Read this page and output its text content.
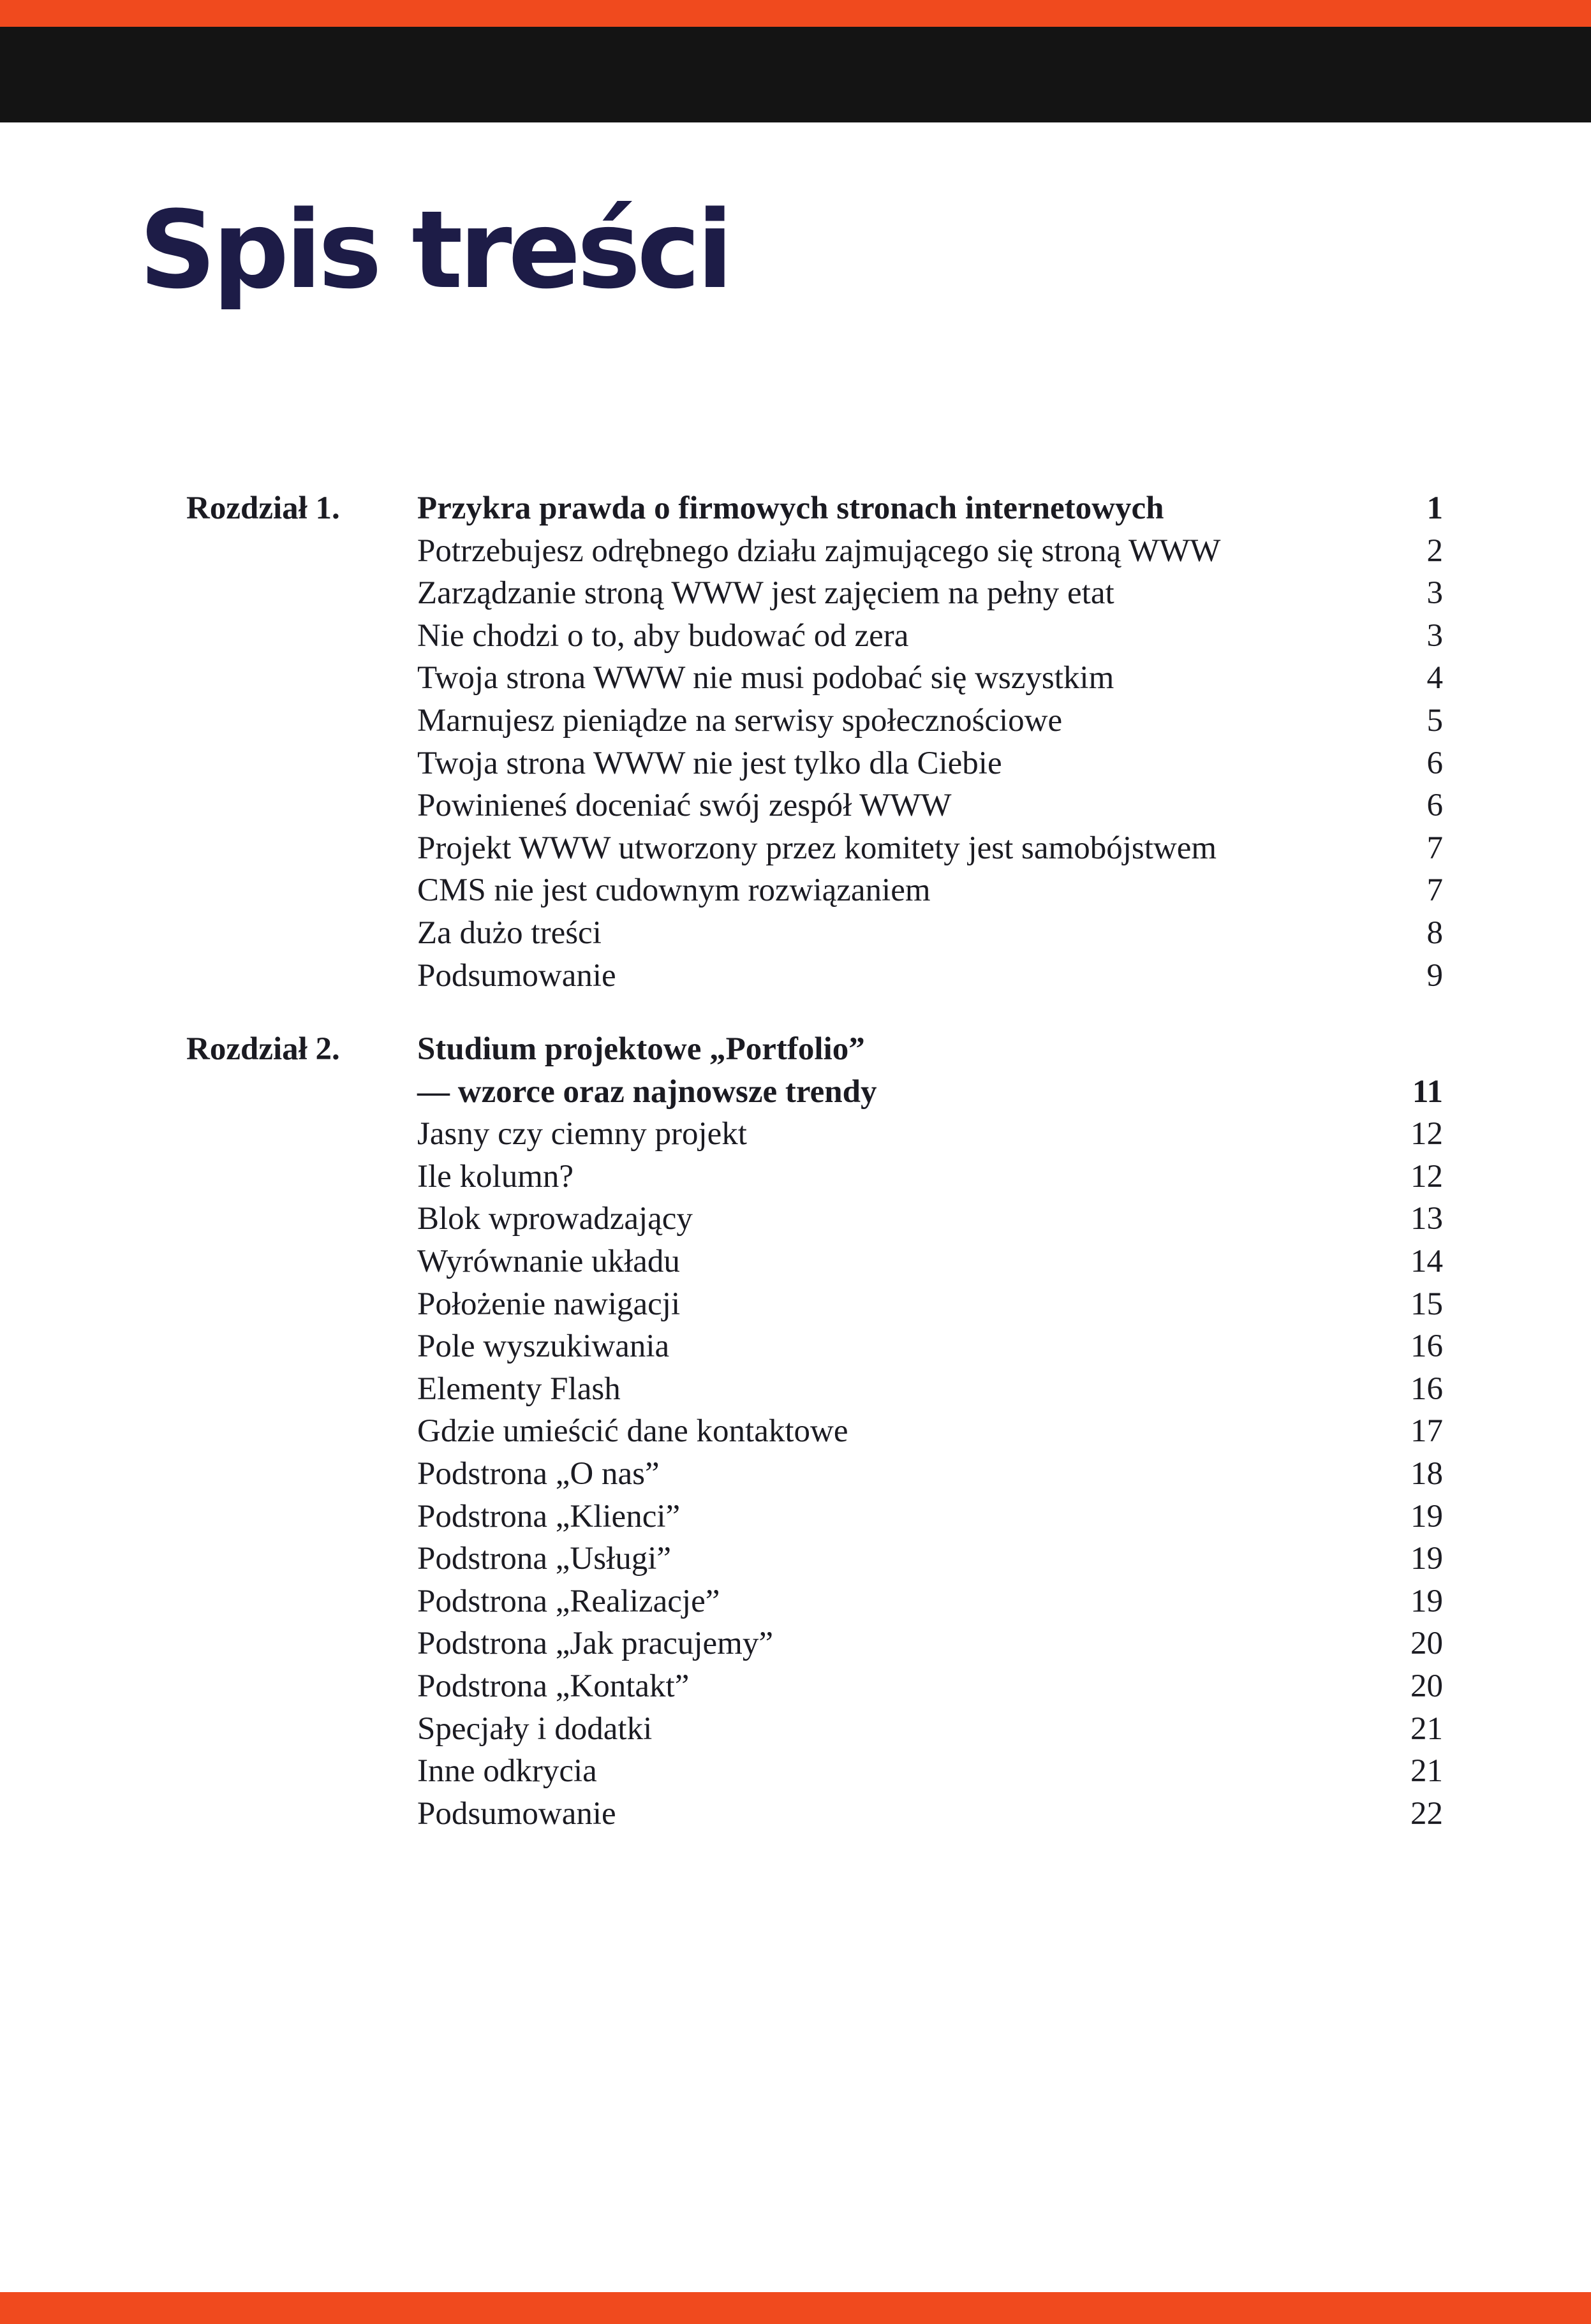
Spis treści
Rozdział 1. Przykra prawda o firmowych stronach internetowych	1
Potrzebujesz odrębnego działu zajmującego się stroną WWW	2
Zarządzanie stroną WWW jest zajęciem na pełny etat	3
Nie chodzi o to, aby budować od zera	3
Twoja strona WWW nie musi podobać się wszystkim	4
Marnujesz pieniądze na serwisy społecznościowe	5
Twoja strona WWW nie jest tylko dla Ciebie	6
Powinieneś doceniać swój zespół WWW	6
Projekt WWW utworzony przez komitety jest samobójstwem	7
CMS nie jest cudownym rozwiązaniem	7
Za dużo treści	8
Podsumowanie	9
Rozdział 2. Studium projektowe „Portfolio”
— wzorce oraz najnowsze trendy	11
Jasny czy ciemny projekt	12
Ile kolumn?	12
Blok wprowadzający	13
Wyrównanie układu	14
Położenie nawigacji	15
Pole wyszukiwania	16
Elementy Flash	16
Gdzie umieścić dane kontaktowe	17
Podstrona „O nas”	18
Podstrona „Klienci”	19
Podstrona „Usługi”	19
Podstrona „Realizacje”	19
Podstrona „Jak pracujemy”	20
Podstrona „Kontakt”	20
Specjały i dodatki	21
Inne odkrycia	21
Podsumowanie	22
